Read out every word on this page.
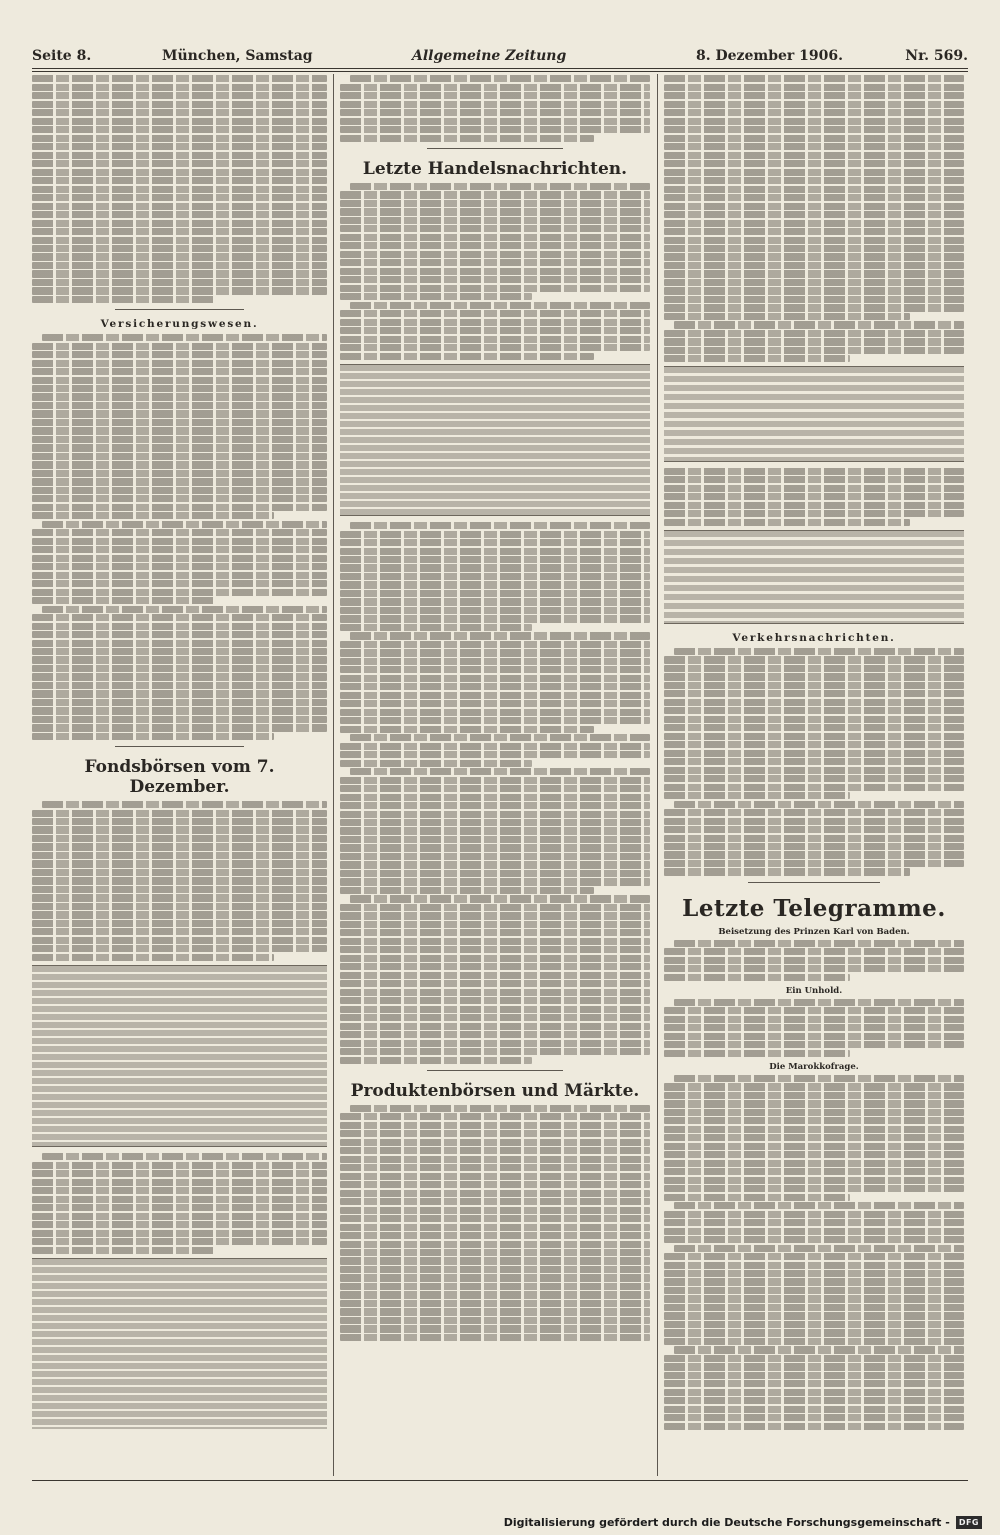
Seite 8.	München, Samstag	Allgemeine Zeitung	8. Dezember 1906.	Nr. 569.
Versicherungswesen.
Fondsbörsen vom 7. Dezember.
Letzte Handelsnachrichten.
Produktenbörsen und Märkte.
Verkehrsnachrichten.
Letzte Telegramme.
Beisetzung des Prinzen Karl von Baden.
Ein Unhold.
Die Marokkofrage.
Digitalisierung gefördert durch die Deutsche Forschungsgemeinschaft -	DFG
